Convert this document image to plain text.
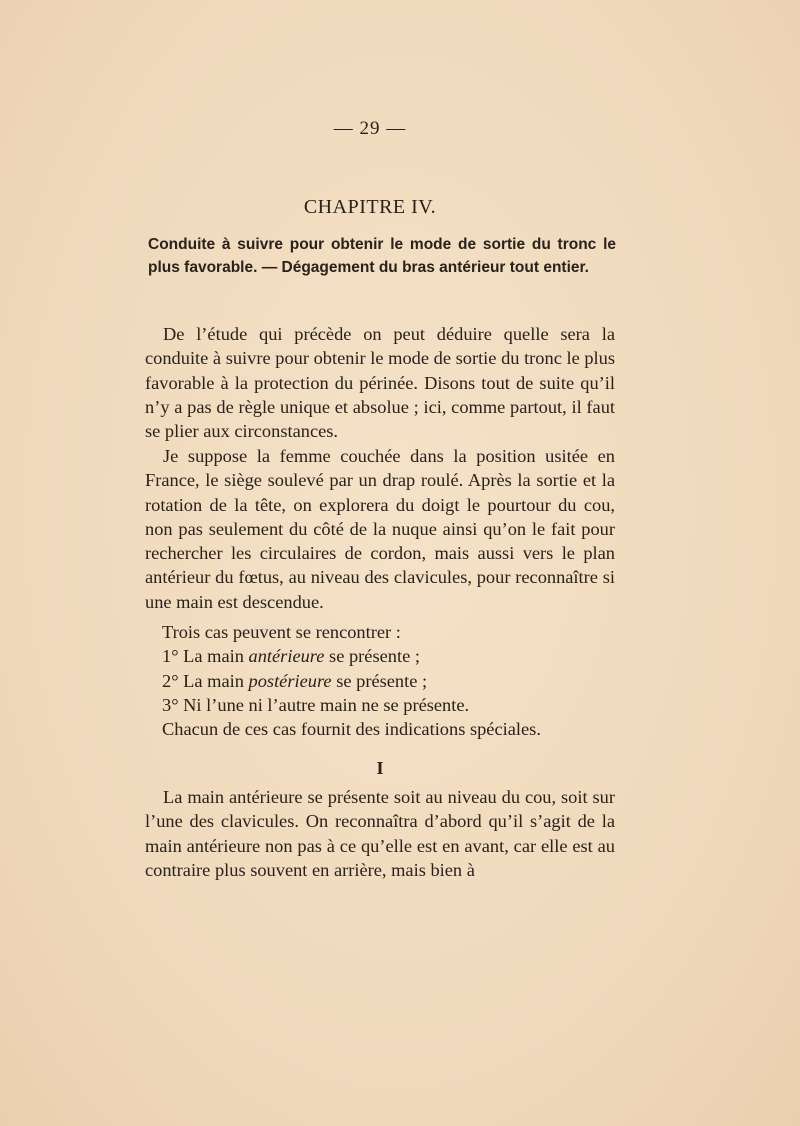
— 29 —
CHAPITRE IV.
Conduite à suivre pour obtenir le mode de sortie du tronc le plus favorable. — Dégagement du bras antérieur tout entier.
De l’étude qui précède on peut déduire quelle sera la conduite à suivre pour obtenir le mode de sortie du tronc le plus favorable à la protection du périnée. Disons tout de suite qu’il n’y a pas de règle unique et absolue ; ici, comme partout, il faut se plier aux circonstances.
Je suppose la femme couchée dans la position usitée en France, le siège soulevé par un drap roulé. Après la sortie et la rotation de la tête, on explorera du doigt le pourtour du cou, non pas seulement du côté de la nuque ainsi qu’on le fait pour rechercher les circulaires de cordon, mais aussi vers le plan antérieur du fœtus, au niveau des clavicules, pour reconnaître si une main est descendue.
Trois cas peuvent se rencontrer :
1° La main antérieure se présente ;
2° La main postérieure se présente ;
3° Ni l’une ni l’autre main ne se présente.
Chacun de ces cas fournit des indications spéciales.
I
La main antérieure se présente soit au niveau du cou, soit sur l’une des clavicules. On reconnaîtra d’abord qu’il s’agit de la main antérieure non pas à ce qu’elle est en avant, car elle est au contraire plus souvent en arrière, mais bien à
